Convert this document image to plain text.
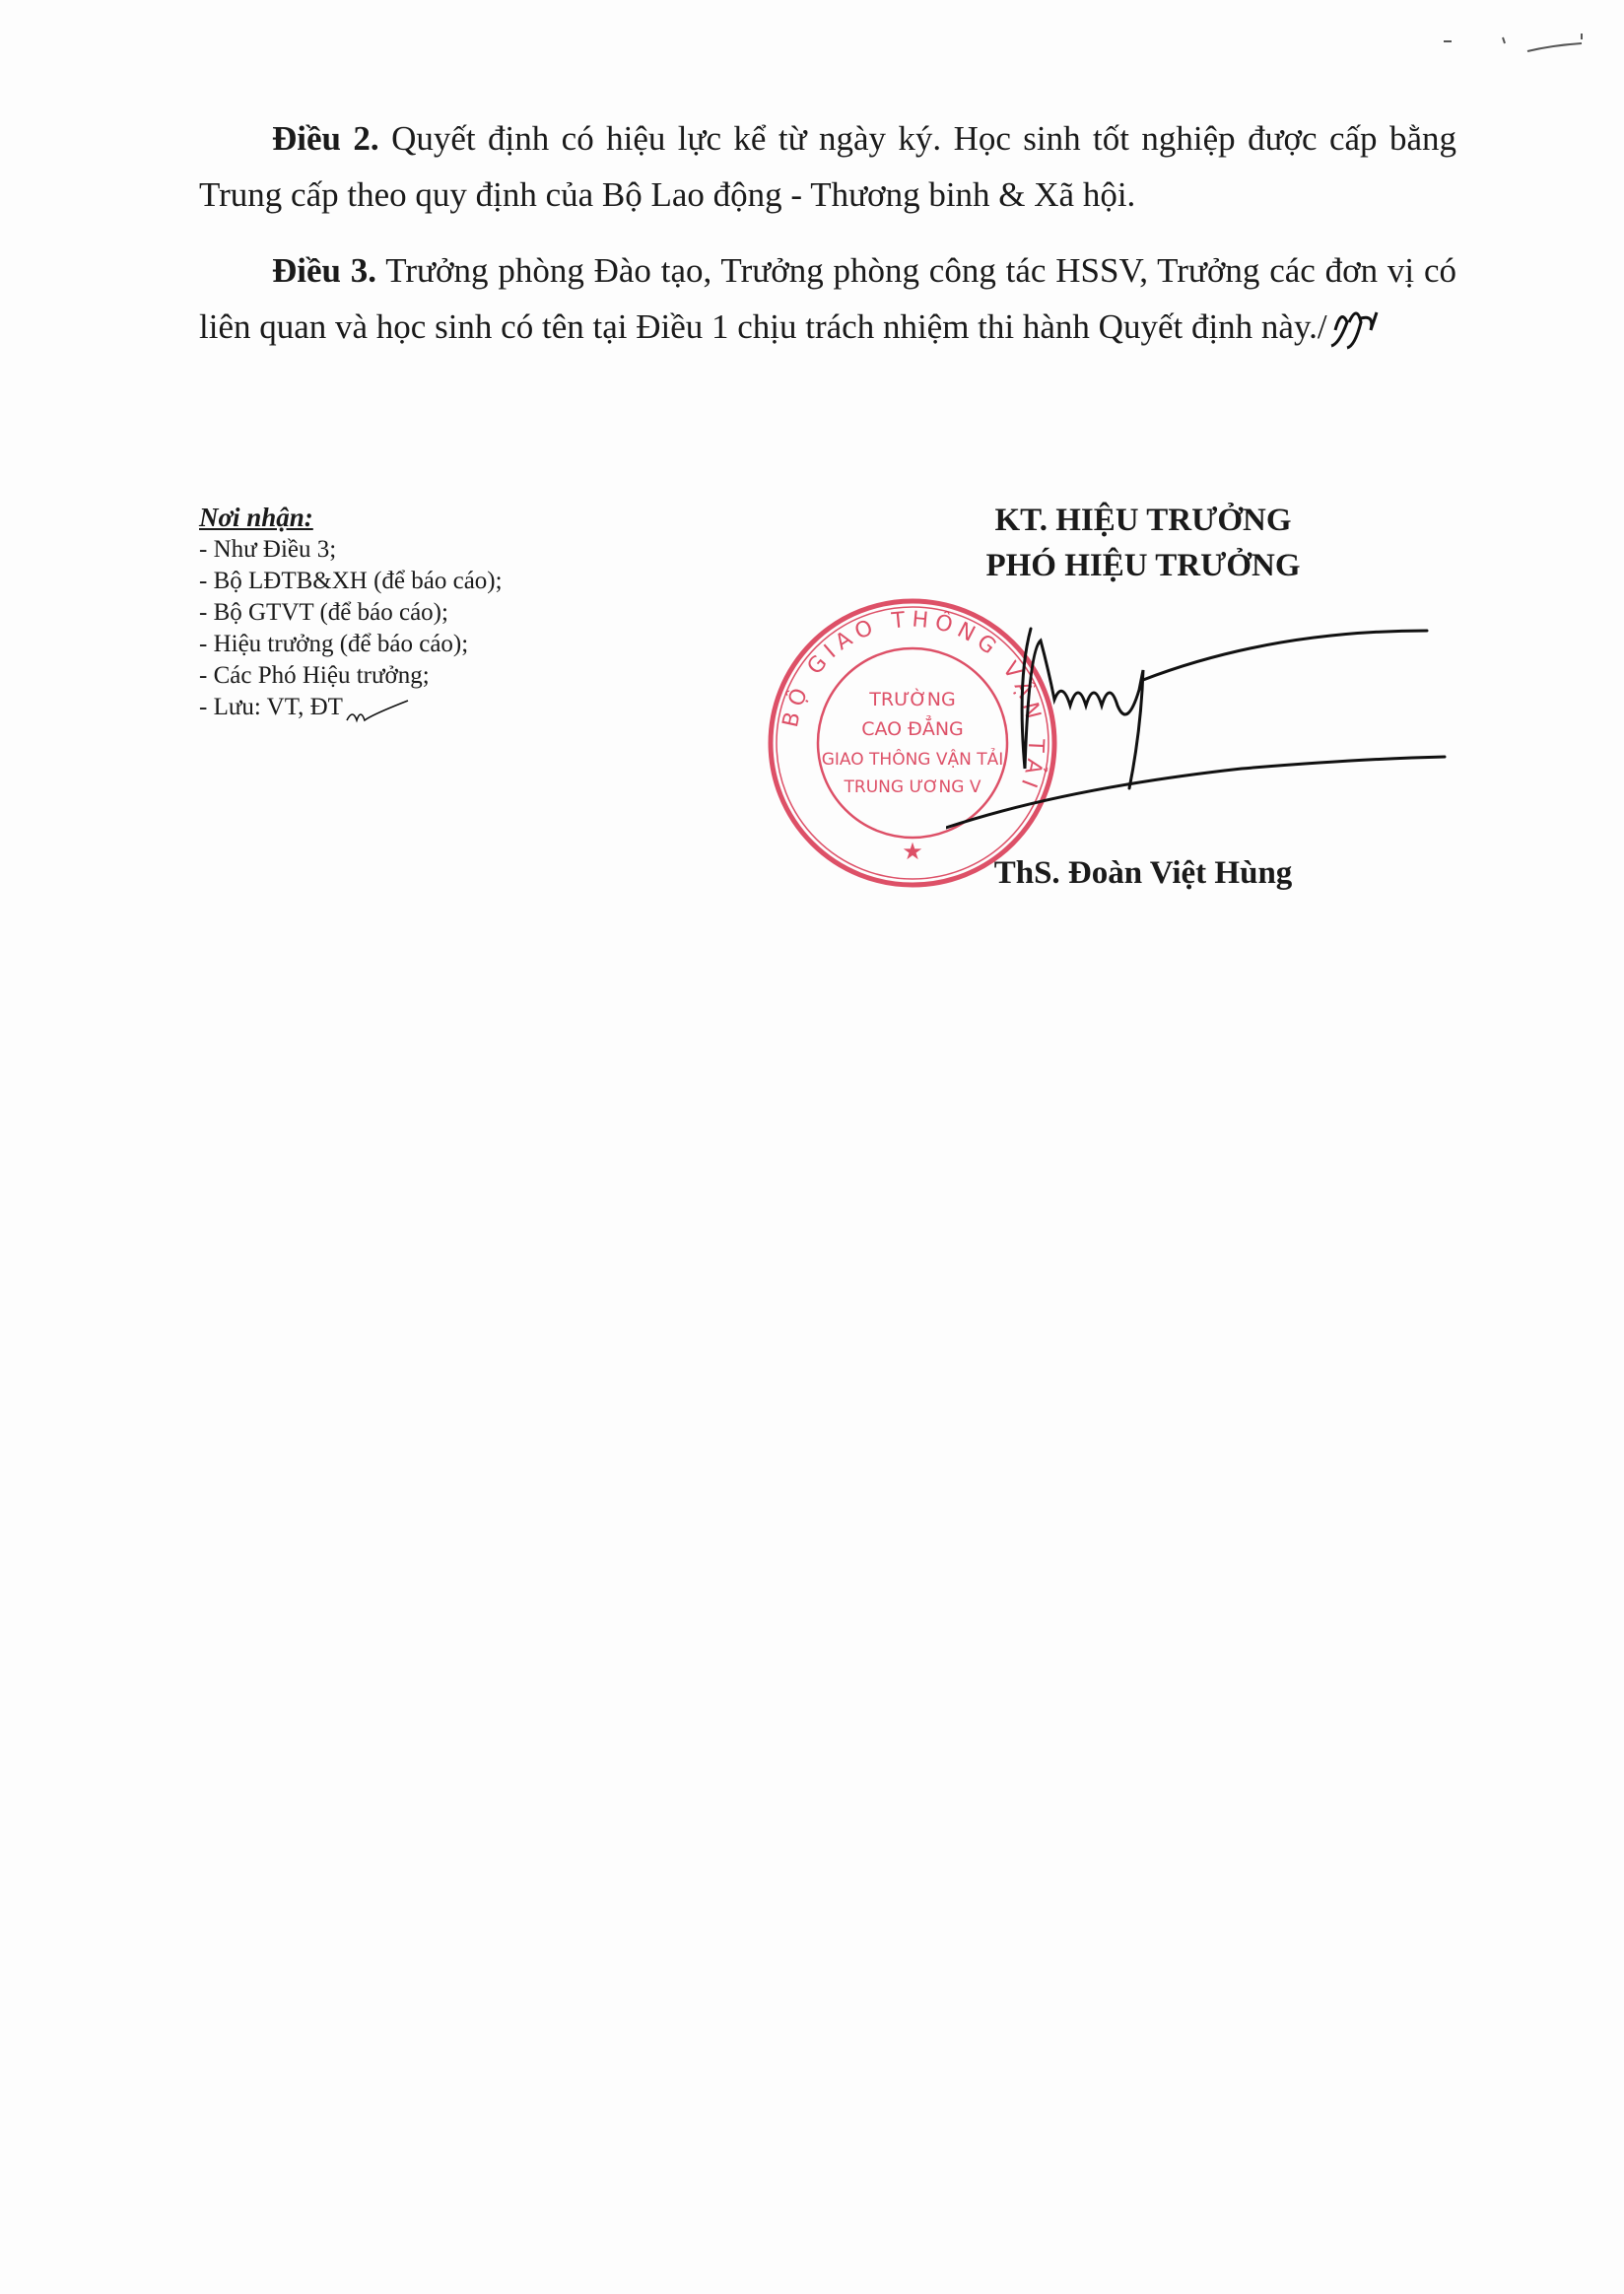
Điều 2. Quyết định có hiệu lực kể từ ngày ký. Học sinh tốt nghiệp được cấp bằng Trung cấp theo quy định của Bộ Lao động - Thương binh & Xã hội.

Điều 3. Trưởng phòng Đào tạo, Trưởng phòng công tác HSSV, Trưởng các đơn vị có liên quan và học sinh có tên tại Điều 1 chịu trách nhiệm thi hành Quyết định này./

Nơi nhận:
- Như Điều 3;
- Bộ LĐTB&XH (để báo cáo);
- Bộ GTVT (để báo cáo);
- Hiệu trưởng (để báo cáo);
- Các Phó Hiệu trưởng;
- Lưu: VT, ĐT
KT. HIỆU TRƯỞNG
PHÓ HIỆU TRƯỞNG
BỘ GIAO THÔNG VẬN TẢI
TRƯỜNG
CAO ĐẲNG
GIAO THÔNG VẬN TẢI
TRUNG ƯƠNG V
★
ThS. Đoàn Việt Hùng
